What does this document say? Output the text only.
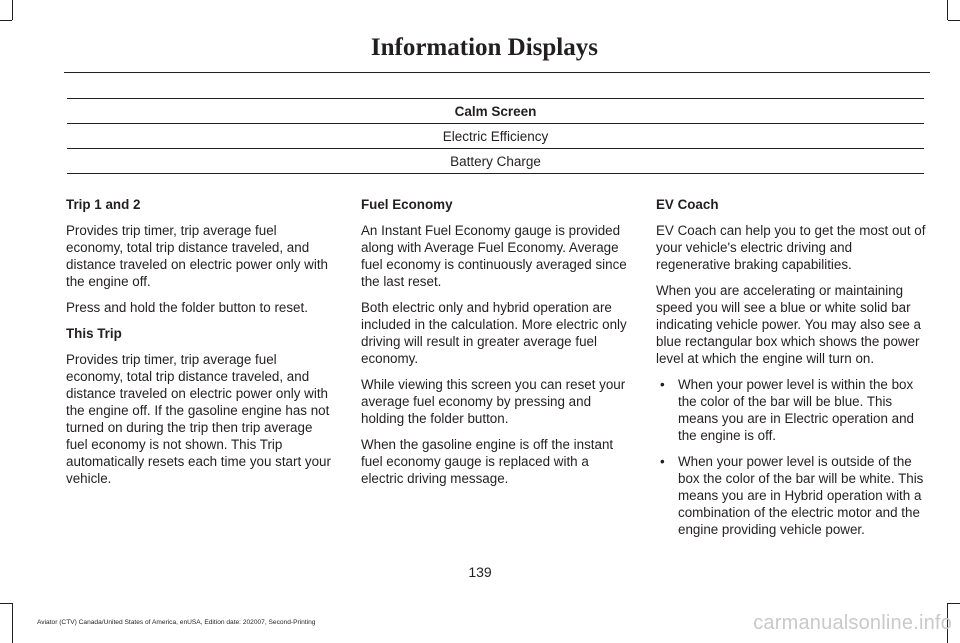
Information Displays
Calm Screen
Electric Efficiency
Battery Charge
Trip 1 and 2

Provides trip timer, trip average fuel economy, total trip distance traveled, and distance traveled on electric power only with the engine off.

Press and hold the folder button to reset.

This Trip

Provides trip timer, trip average fuel economy, total trip distance traveled, and distance traveled on electric power only with the engine off. If the gasoline engine has not turned on during the trip then trip average fuel economy is not shown. This Trip automatically resets each time you start your vehicle.

Fuel Economy

An Instant Fuel Economy gauge is provided along with Average Fuel Economy. Average fuel economy is continuously averaged since the last reset.

Both electric only and hybrid operation are included in the calculation. More electric only driving will result in greater average fuel economy.

While viewing this screen you can reset your average fuel economy by pressing and holding the folder button.

When the gasoline engine is off the instant fuel economy gauge is replaced with a electric driving message.

EV Coach

EV Coach can help you to get the most out of your vehicle's electric driving and regenerative braking capabilities.

When you are accelerating or maintaining speed you will see a blue or white solid bar indicating vehicle power. You may also see a blue rectangular box which shows the power level at which the engine will turn on.

• When your power level is within the box the color of the bar will be blue. This means you are in Electric operation and the engine is off.
• When your power level is outside of the box the color of the bar will be white. This means you are in Hybrid operation with a combination of the electric motor and the engine providing vehicle power.
139
Aviator (CTV) Canada/United States of America, enUSA, Edition date: 202007, Second-Printing	carmanualsonline.info
